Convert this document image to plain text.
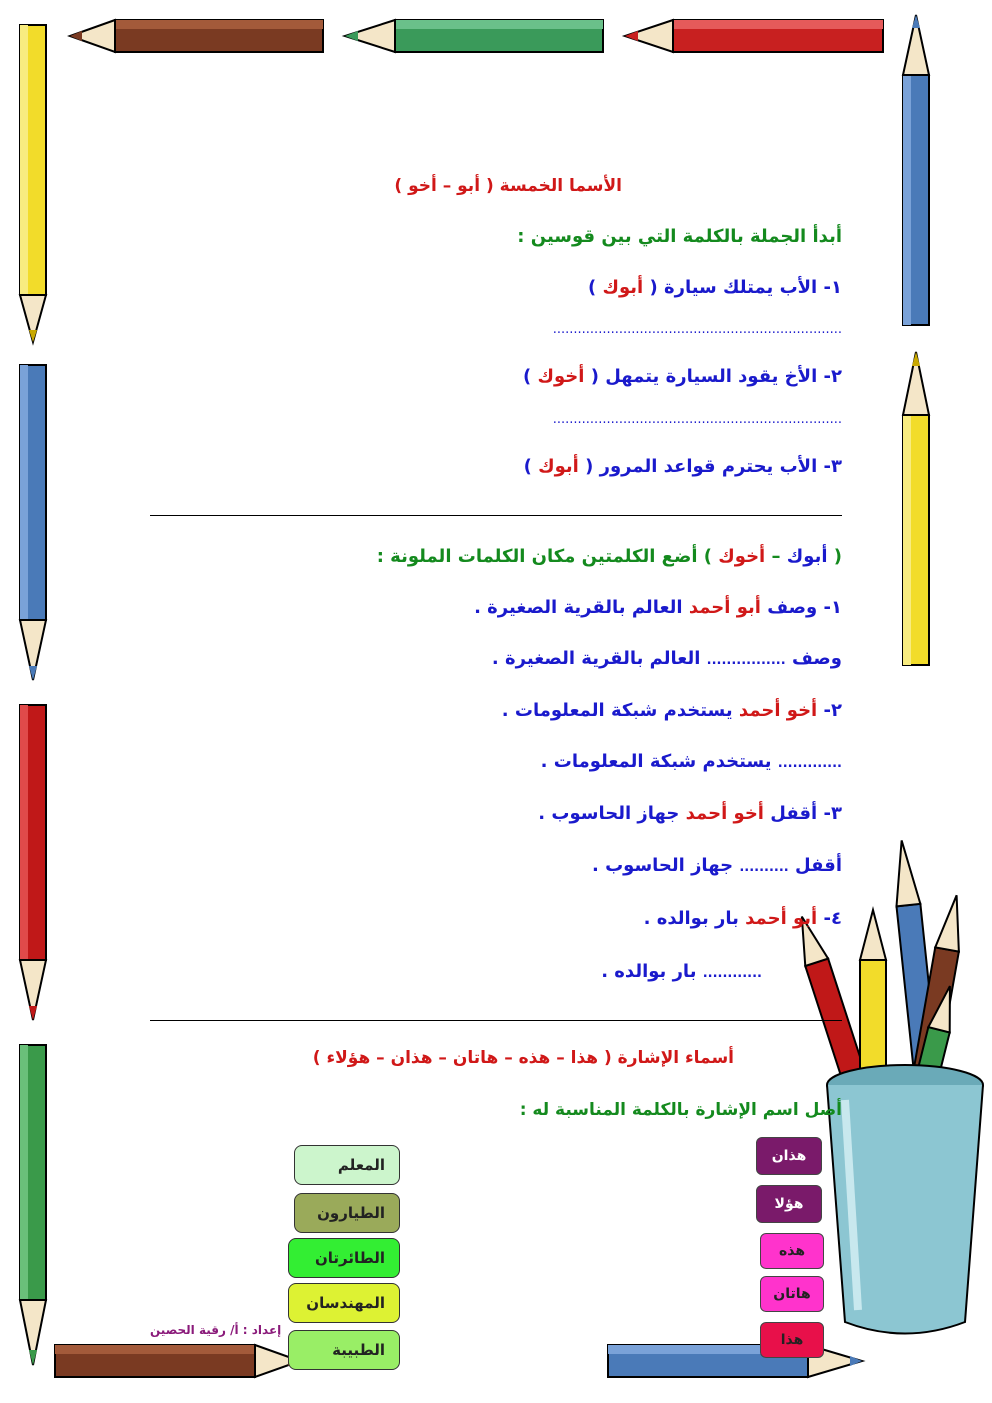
الأسما الخمسة ( أبو – أخو )
أبدأ الجملة بالكلمة التي بين قوسين :
١- الأب يمتلك سيارة ( أبوك )
......................................................................
٢- الأخ يقود السيارة يتمهل ( أخوك )
......................................................................
٣- الأب يحترم قواعد المرور ( أبوك )
( أبوك – أخوك ) أضع الكلمتين مكان الكلمات الملونة :
١- وصف أبو أحمد العالم بالقرية الصغيرة .
وصف ................ العالم بالقرية الصغيرة .
٢- أخو أحمد يستخدم شبكة المعلومات .
............. يستخدم شبكة المعلومات .
٣- أقفل أخو أحمد جهاز الحاسوب .
أقفل .......... جهاز الحاسوب .
٤- أبو أحمد بار بوالده .
............ بار بوالده .
أسماء الإشارة ( هذا – هذه – هاتان – هذان – هؤلاء )
أصل اسم الإشارة بالكلمة المناسبة له :
المعلم
الطيارون
الطائرتان
المهندسان
الطبيبة
هذان
هؤلا
هذه
هاتان
هذا
إعداد : أ/ رقية الحصين
